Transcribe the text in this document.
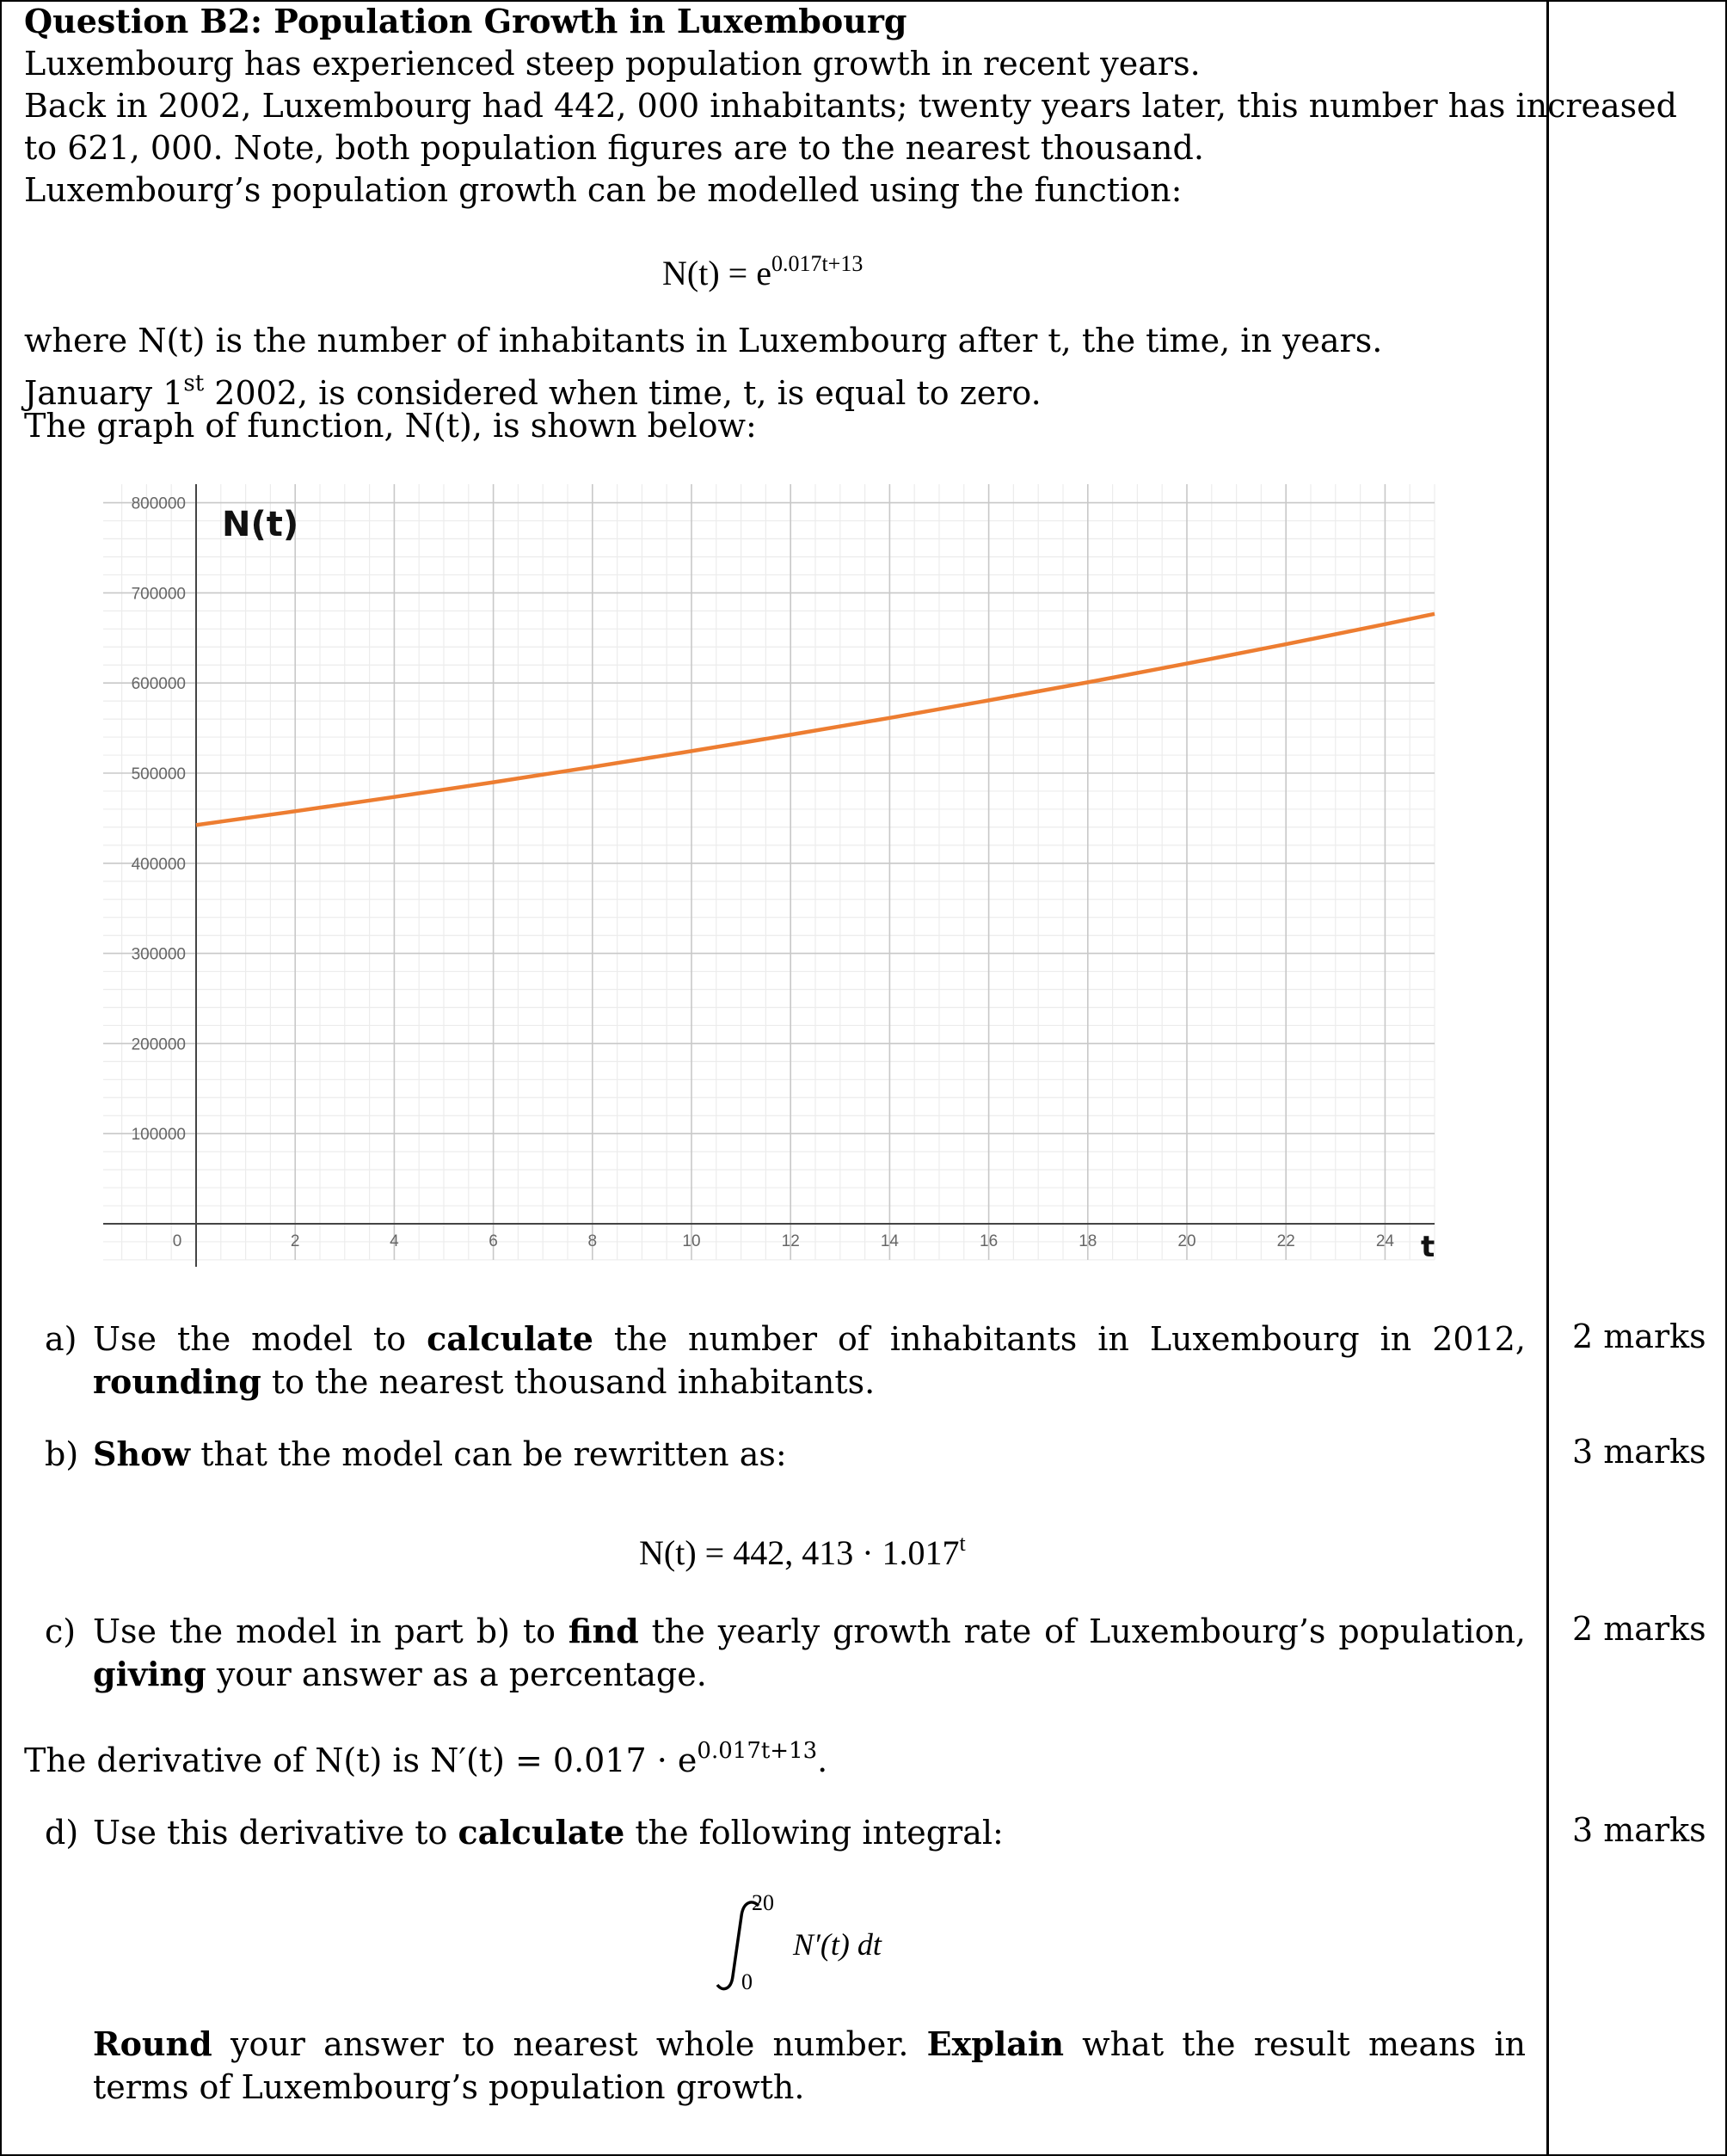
Question B2: Population Growth in Luxembourg
Luxembourg has experienced steep population growth in recent years.
Back in 2002, Luxembourg had 442, 000 inhabitants; twenty years later, this number has increased
to 621, 000. Note, both population figures are to the nearest thousand.
Luxembourg’s population growth can be modelled using the function:
$N(t) = e^{0.017t+13}$
where N(t) is the number of inhabitants in Luxembourg after t, the time, in years.
January 1st 2002, is considered when time, t, is equal to zero.
The graph of function, N(t), is shown below:
100000
200000
300000
400000
500000
600000
700000
800000
0	2	4	6	8	10	12	14	16	18	20	22	24
N(t)
t
a) Use the model to calculate the number of inhabitants in Luxembourg in 2012, rounding to the nearest thousand inhabitants.
2 marks
b) Show that the model can be rewritten as:	3 marks
N(t) = 442, $413 \cdot 1.017^t$
c) Use the model in part b) to find the yearly growth rate of Luxembourg’s population, giving your answer as a percentage.
2 marks
The derivative of N(t) is $N'(t) = 0.017 \cdot e^{0.017t+13}$.
d) Use this derivative to calculate the following integral:	3 marks
20
0
N′(t) dt
Round your answer to nearest whole number. Explain what the result means in terms of Luxembourg’s population growth.
